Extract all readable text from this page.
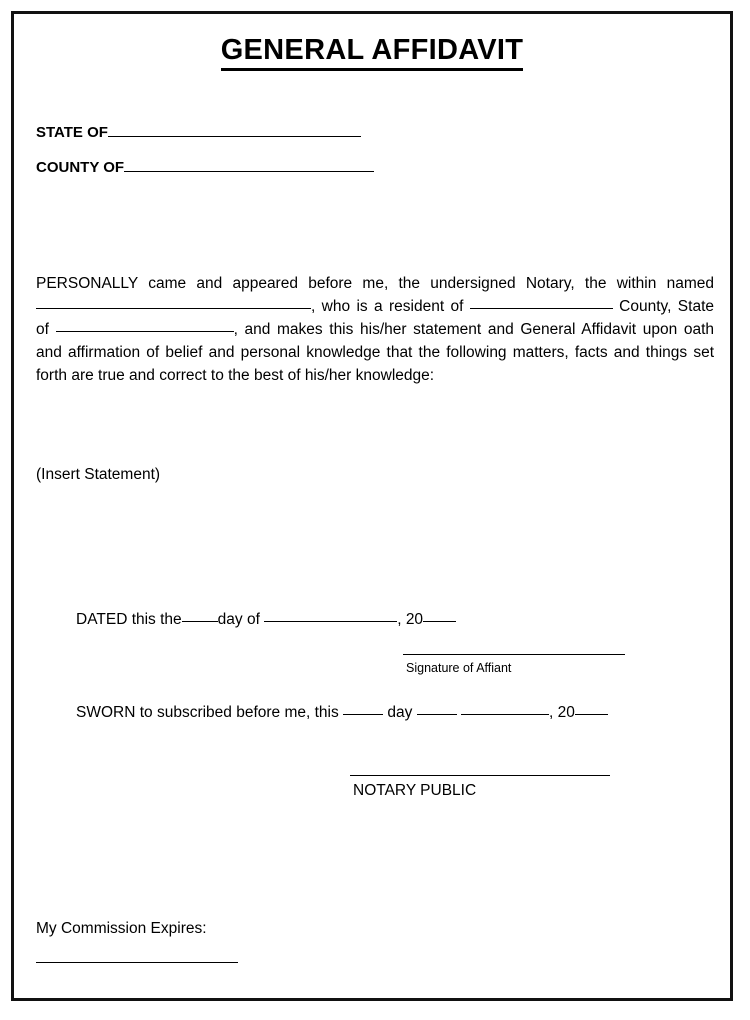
GENERAL AFFIDAVIT
STATE OF
COUNTY OF
PERSONALLY came and appeared before me, the undersigned Notary, the within named, who is a resident of	County, State of	, and makes this his/her statement and General Affidavit upon oath and affirmation of belief and personal knowledge that the following matters, facts and things set forth are true and correct to the best of his/her knowledge:
(Insert Statement)
DATED this the day of	, 20
Signature of Affiant
SWORN to subscribed before me, this	day	, 20
NOTARY PUBLIC
My Commission Expires:
